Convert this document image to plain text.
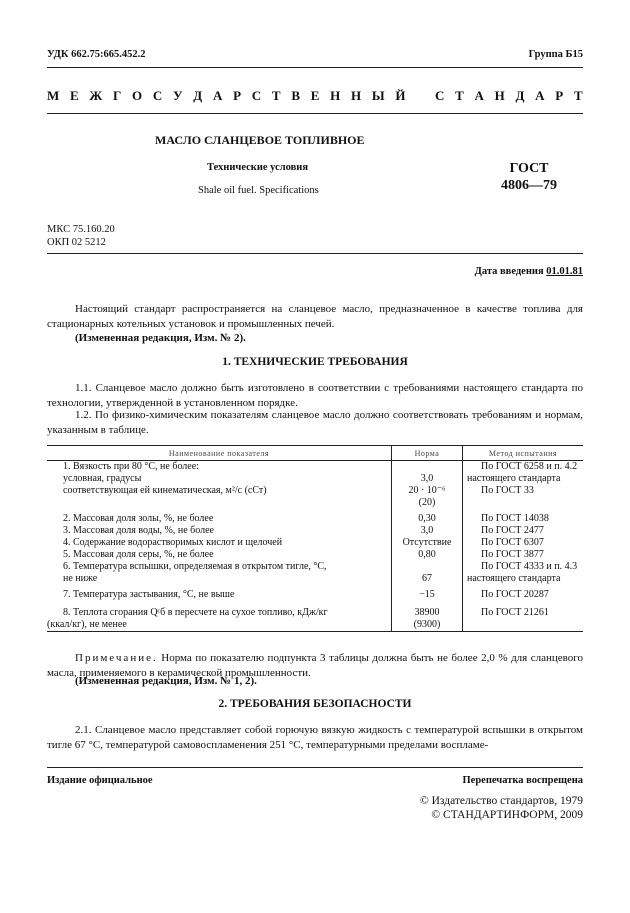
УДК 662.75:665.452.2	Группа Б15
М Е Ж Г О С У Д А Р С Т В Е Н Н Ы Й С Т А Н Д А Р Т
МАСЛО СЛАНЦЕВОЕ ТОПЛИВНОЕ
Технические условия
Shale oil fuel. Specifications
ГОСТ
4806—79
МКС 75.160.20
ОКП 02 5212
Дата введения 01.01.81
Настоящий стандарт распространяется на сланцевое масло, предназначенное в качестве топлива для стационарных котельных установок и промышленных печей.
(Измененная редакция, Изм. № 2).
1. ТЕХНИЧЕСКИЕ ТРЕБОВАНИЯ
1.1. Сланцевое масло должно быть изготовлено в соответствии с требованиями настоящего стандарта по технологии, утвержденной в установленном порядке.
1.2. По физико-химическим показателям сланцевое масло должно соответствовать требованиям и нормам, указанным в таблице.
Наименование показателя	Норма	Метод испытания
1. Вязкость при 80 °С, не более:		По ГОСТ 6258 и п. 4.2
условная, градусы	3,0	настоящего стандарта
соответствующая ей кинематическая, м²/с (сСт)	20 · 10⁻⁶	По ГОСТ 33
	(20)	
2. Массовая доля золы, %, не более	0,30	По ГОСТ 14038
3. Массовая доля воды, %, не более	3,0	По ГОСТ 2477
4. Содержание водорастворимых кислот и щелочей	Отсутствие	По ГОСТ 6307
5. Массовая доля серы, %, не более	0,80	По ГОСТ 3877
6. Температура вспышки, определяемая в открытом тигле, °С,		По ГОСТ 4333 и п. 4.3
не ниже	67	настоящего стандарта
7. Температура застывания, °С, не выше	−15	По ГОСТ 20287
8. Теплота сгорания Qᶜб в пересчете на сухое топливо, кДж/кг	38900	По ГОСТ 21261
(ккал/кг), не менее	(9300)	
Примечание. Норма по показателю подпункта 3 таблицы должна быть не более 2,0 % для сланцевого масла, применяемого в керамической промышленности.
(Измененная редакция, Изм. № 1, 2).
2. ТРЕБОВАНИЯ БЕЗОПАСНОСТИ
2.1. Сланцевое масло представляет собой горючую вязкую жидкость с температурой вспышки в открытом тигле 67 °С, температурой самовоспламенения 251 °С, температурными пределами воспламе-
Издание официальное	Перепечатка воспрещена
© Издательство стандартов, 1979
© СТАНДАРТИНФОРМ, 2009
